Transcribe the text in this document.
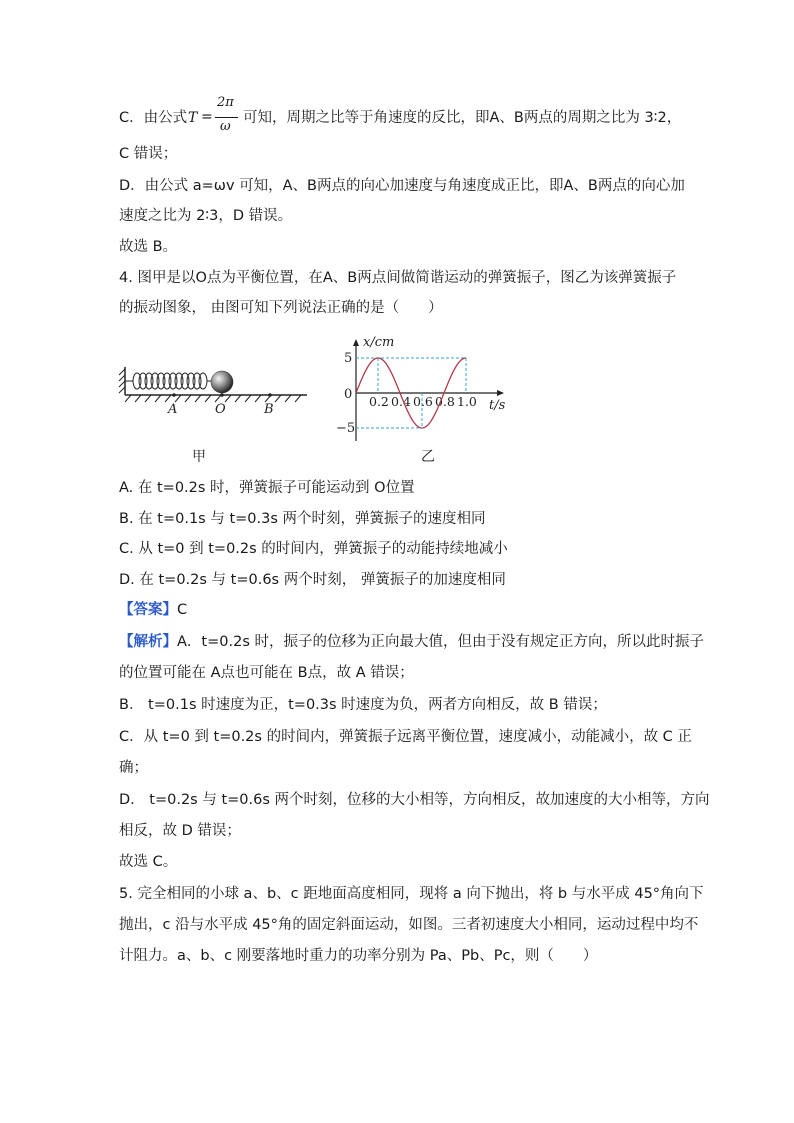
C．由公式 T =
2π
ω
可知，周期之比等于角速度的反比，即A、B两点的周期之比为 3∶2，
C 错误；
D．由公式 a=ωv 可知，A、B两点的向心加速度与角速度成正比，即A、B两点的向心加
速度之比为 2∶3，D 错误。
故选 B。
4. 图甲是以O点为平衡位置，在A、B两点间做简谐运动的弹簧振子，图乙为该弹簧振子
的振动图象， 由图可知下列说法正确的是（　　）
A	O	B
甲
x/cm
t/s
5
0
−5
0.2 0.4 0.6 0.8 1.0
乙
A. 在 t=0.2s 时，弹簧振子可能运动到 O位置
B. 在 t=0.1s 与 t=0.3s 两个时刻，弹簧振子的速度相同
C. 从 t=0 到 t=0.2s 的时间内，弹簧振子的动能持续地减小
D. 在 t=0.2s 与 t=0.6s 两个时刻， 弹簧振子的加速度相同
【答案】C
【解析】A．t=0.2s 时，振子的位移为正向最大值，但由于没有规定正方向，所以此时振子
的位置可能在 A点也可能在 B点，故 A 错误；
B． t=0.1s 时速度为正，t=0.3s 时速度为负，两者方向相反，故 B 错误；
C．从 t=0 到 t=0.2s 的时间内，弹簧振子远离平衡位置，速度减小，动能减小，故 C 正
确；
D． t=0.2s 与 t=0.6s 两个时刻，位移的大小相等，方向相反，故加速度的大小相等，方向
相反，故 D 错误；
故选 C。
5. 完全相同的小球 a、b、c 距地面高度相同，现将 a 向下抛出，将 b 与水平成 45°角向下
抛出，c 沿与水平成 45°角的固定斜面运动，如图。三者初速度大小相同，运动过程中均不
计阻力。a、b、c 刚要落地时重力的功率分别为 Pa、Pb、Pc，则（　　）
